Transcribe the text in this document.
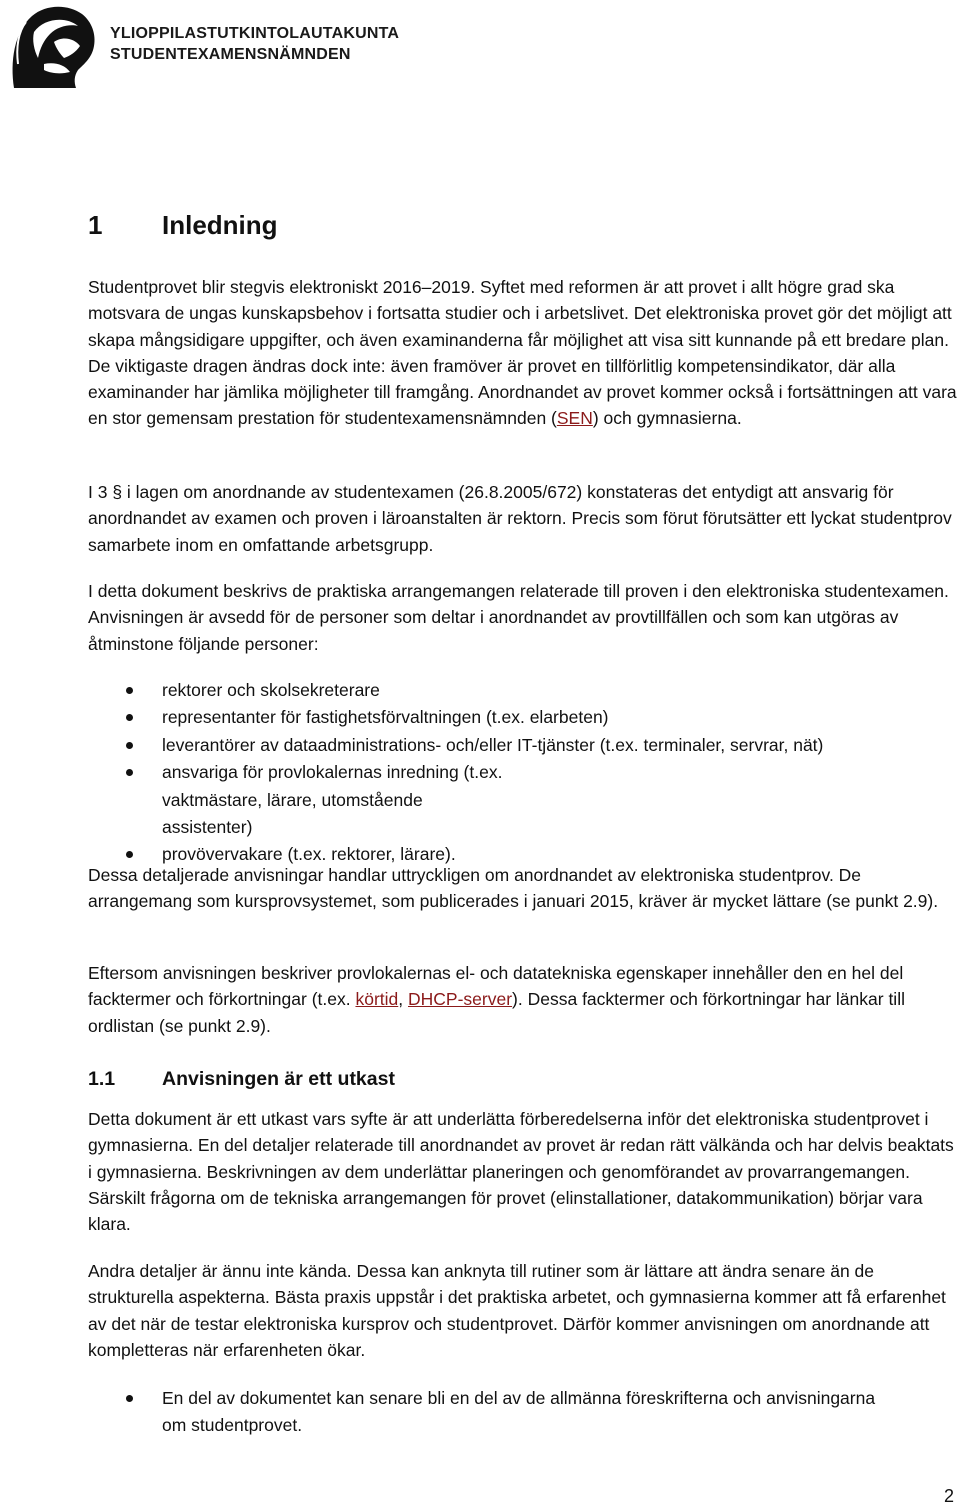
YLIOPPILASTUTKINTOLAUTAKUNTA
STUDENTEXAMENSNÄMNDEN
1 Inledning

Studentprovet blir stegvis elektroniskt 2016–2019. Syftet med reformen är att provet i allt högre grad ska motsvara de ungas kunskapsbehov i fortsatta studier och i arbetslivet. Det elektroniska provet gör det möjligt att skapa mångsidigare uppgifter, och även examinanderna får möjlighet att visa sitt kunnande på ett bredare plan. De viktigaste dragen ändras dock inte: även framöver är provet en tillförlitlig kompetensindikator, där alla examinander har jämlika möjligheter till framgång. Anordnandet av provet kommer också i fortsättningen att vara en stor gemensam prestation för studentexamensnämnden (SEN) och gymnasierna.

I 3 § i lagen om anordnande av studentexamen (26.8.2005/672) konstateras det entydigt att ansvarig för anordnandet av examen och proven i läroanstalten är rektorn. Precis som förut förutsätter ett lyckat studentprov samarbete inom en omfattande arbetsgrupp.

I detta dokument beskrivs de praktiska arrangemangen relaterade till proven i den elektroniska studentexamen. Anvisningen är avsedd för de personer som deltar i anordnandet av provtillfällen och som kan utgöras av åtminstone följande personer:

rektorer och skolsekreterare
representanter för fastighetsförvaltningen (t.ex. elarbeten)
leverantörer av dataadministrations- och/eller IT-tjänster (t.ex. terminaler, servrar, nät)
ansvariga för provlokalernas inredning (t.ex. vaktmästare, lärare, utomstående assistenter)
provövervakare (t.ex. rektorer, lärare).

Dessa detaljerade anvisningar handlar uttryckligen om anordnandet av elektroniska studentprov. De arrangemang som kursprovsystemet, som publicerades i januari 2015, kräver är mycket lättare (se punkt 2.9).

Eftersom anvisningen beskriver provlokalernas el- och datatekniska egenskaper innehåller den en hel del facktermer och förkortningar (t.ex. körtid, DHCP-server). Dessa facktermer och förkortningar har länkar till ordlistan (se punkt 2.9).

1.1 Anvisningen är ett utkast

Detta dokument är ett utkast vars syfte är att underlätta förberedelserna inför det elektroniska studentprovet i gymnasierna. En del detaljer relaterade till anordnandet av provet är redan rätt välkända och har delvis beaktats i gymnasierna. Beskrivningen av dem underlättar planeringen och genomförandet av provarrangemangen. Särskilt frågorna om de tekniska arrangemangen för provet (elinstallationer, datakommunikation) börjar vara klara.

Andra detaljer är ännu inte kända. Dessa kan anknyta till rutiner som är lättare att ändra senare än de strukturella aspekterna. Bästa praxis uppstår i det praktiska arbetet, och gymnasierna kommer att få erfarenhet av det när de testar elektroniska kursprov och studentprovet. Därför kommer anvisningen om anordnande att kompletteras när erfarenheten ökar.

En del av dokumentet kan senare bli en del av de allmänna föreskrifterna och anvisningarna om studentprovet.
2
